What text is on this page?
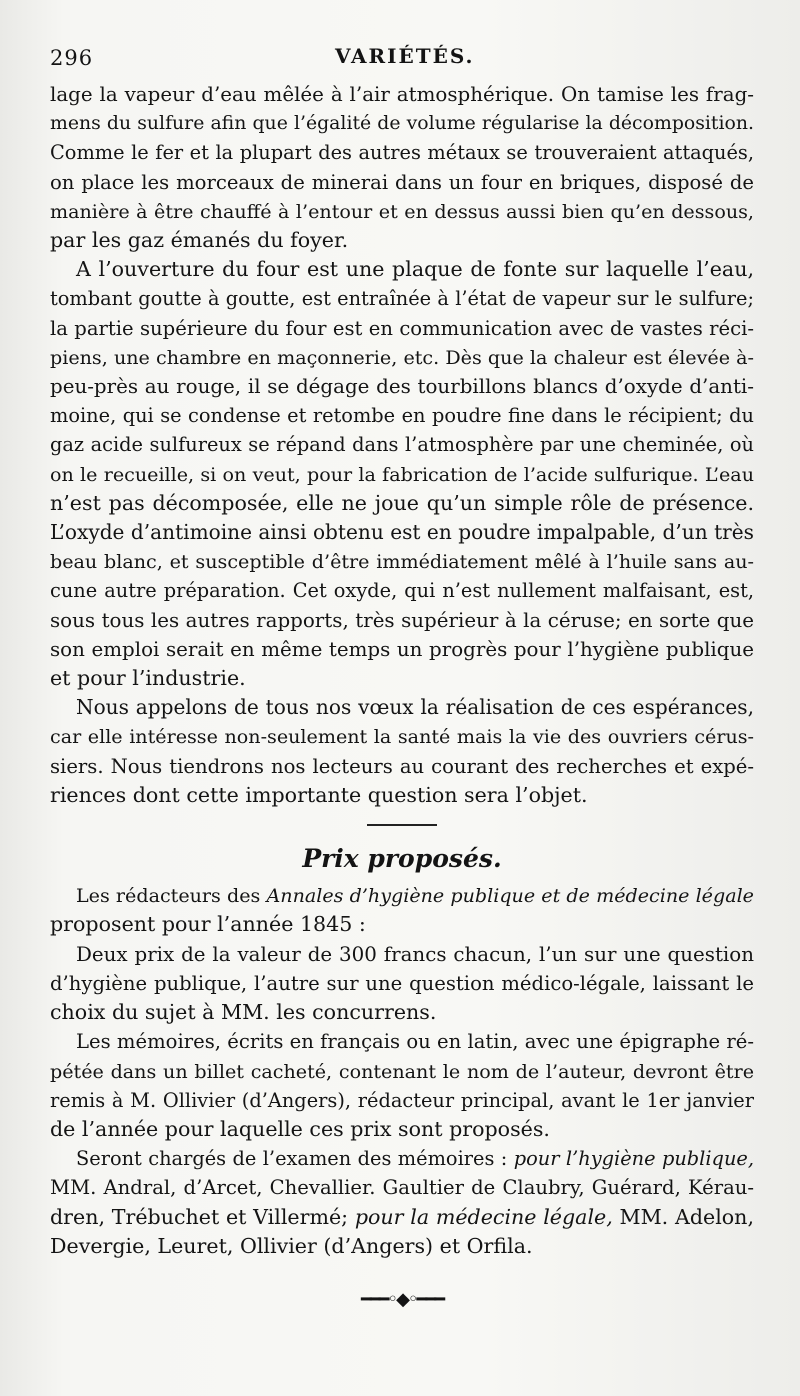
296	VARIÉTÉS.

lage la vapeur d’eau mêlée à l’air atmosphérique. On tamise les frag-
mens du sulfure afin que l’égalité de volume régularise la décomposition.
Comme le fer et la plupart des autres métaux se trouveraient attaqués,
on place les morceaux de minerai dans un four en briques, disposé de
manière à être chauffé à l’entour et en dessus aussi bien qu’en dessous,
par les gaz émanés du foyer.

A l’ouverture du four est une plaque de fonte sur laquelle l’eau,
tombant goutte à goutte, est entraînée à l’état de vapeur sur le sulfure;
la partie supérieure du four est en communication avec de vastes réci-
piens, une chambre en maçonnerie, etc. Dès que la chaleur est élevée à-
peu-près au rouge, il se dégage des tourbillons blancs d’oxyde d’anti-
moine, qui se condense et retombe en poudre fine dans le récipient; du
gaz acide sulfureux se répand dans l’atmosphère par une cheminée, où
on le recueille, si on veut, pour la fabrication de l’acide sulfurique. L’eau
n’est pas décomposée, elle ne joue qu’un simple rôle de présence.
L’oxyde d’antimoine ainsi obtenu est en poudre impalpable, d’un très
beau blanc, et susceptible d’être immédiatement mêlé à l’huile sans au-
cune autre préparation. Cet oxyde, qui n’est nullement malfaisant, est,
sous tous les autres rapports, très supérieur à la céruse; en sorte que
son emploi serait en même temps un progrès pour l’hygiène publique
et pour l’industrie.

Nous appelons de tous nos vœux la réalisation de ces espérances,
car elle intéresse non-seulement la santé mais la vie des ouvriers cérus-
siers. Nous tiendrons nos lecteurs au courant des recherches et expé-
riences dont cette importante question sera l’objet.

Prix proposés.

Les rédacteurs des Annales d’hygiène publique et de médecine légale
proposent pour l’année 1845 :

Deux prix de la valeur de 300 francs chacun, l’un sur une question
d’hygiène publique, l’autre sur une question médico-légale, laissant le
choix du sujet à MM. les concurrens.

Les mémoires, écrits en français ou en latin, avec une épigraphe ré-
pétée dans un billet cacheté, contenant le nom de l’auteur, devront être
remis à M. Ollivier (d’Angers), rédacteur principal, avant le 1er janvier
de l’année pour laquelle ces prix sont proposés.

Seront chargés de l’examen des mémoires : pour l’hygiène publique,
MM. Andral, d’Arcet, Chevallier. Gaultier de Claubry, Guérard, Kérau-
dren, Trébuchet et Villermé; pour la médecine légale, MM. Adelon,
Devergie, Leuret, Ollivier (d’Angers) et Orfila.

━━━◦◆◦━━━
